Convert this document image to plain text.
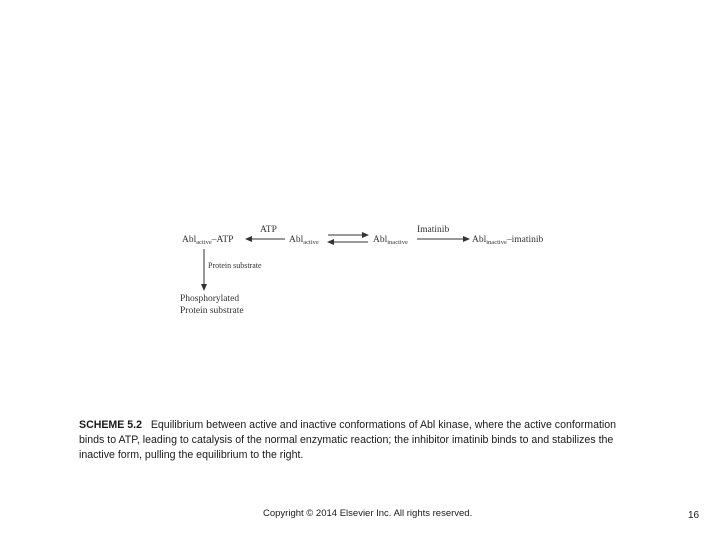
Abl$_{active}$–ATP
ATP
Abl$_{active}$	Abl$_{inactive}$
Imatinib
Abl$_{inactive}$–imatinib
Protein substrate
Phosphorylated
Protein substrate
SCHEME 5.2 Equilibrium between active and inactive conformations of Abl kinase, where the active conformation binds to ATP, leading to catalysis of the normal enzymatic reaction; the inhibitor imatinib binds to and stabilizes the inactive form, pulling the equilibrium to the right.
Copyright © 2014 Elsevier Inc. All rights reserved.	16
